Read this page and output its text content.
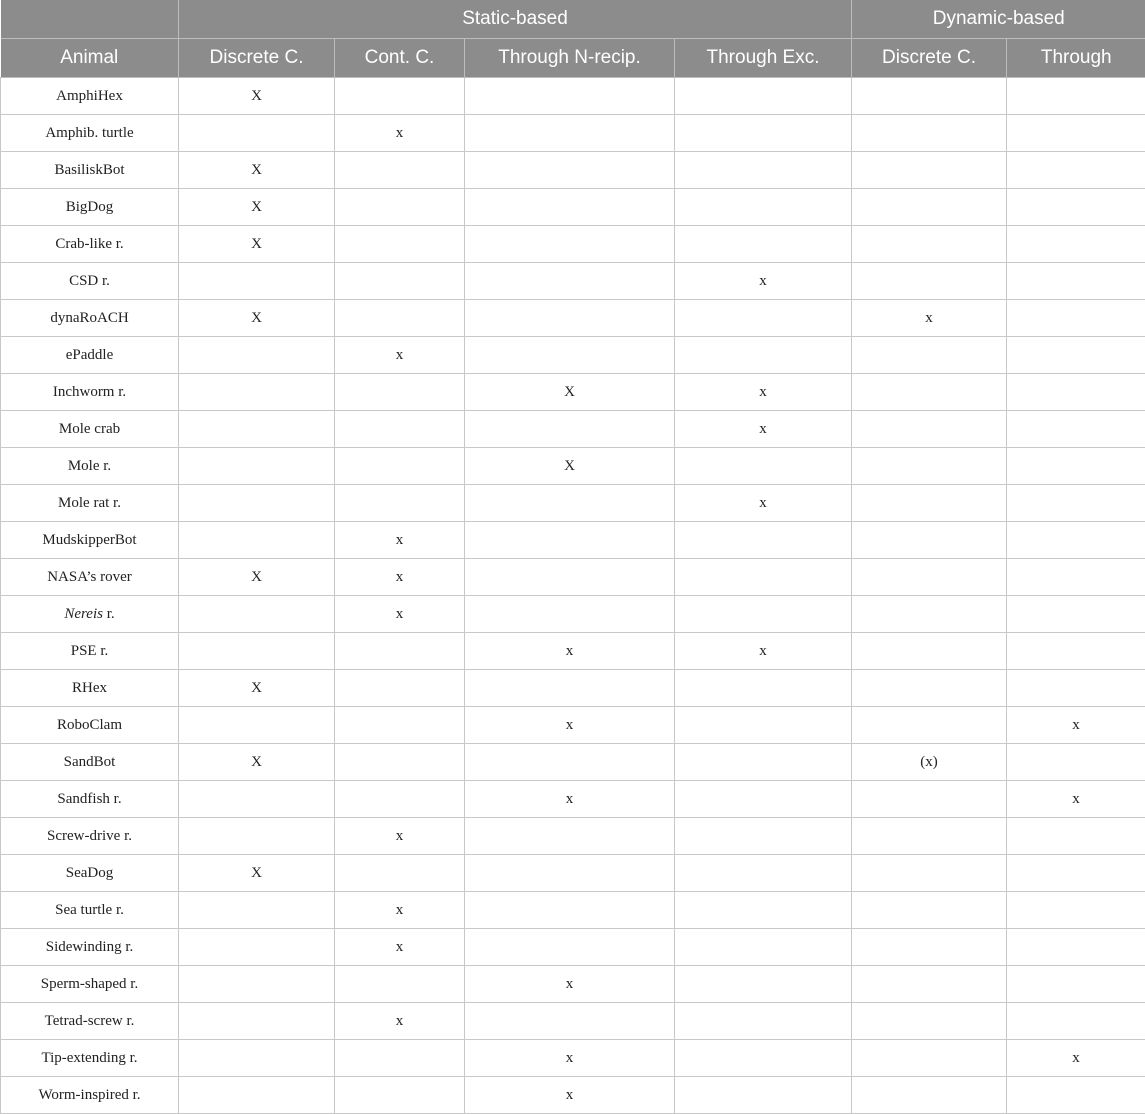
	Static-based				Dynamic-based	
Animal	Discrete C.	Cont. C.	Through N-recip.	Through Exc.	Discrete C.	Through
AmphiHex	X					
Amphib. turtle		x				
BasiliskBot	X					
BigDog	X					
Crab-like r.	X					
CSD r.				x		
dynaRoACH	X				x	
ePaddle		x				
Inchworm r.			X	x		
Mole crab				x		
Mole r.			X			
Mole rat r.				x		
MudskipperBot		x				
NASA’s rover	X	x				
Nereis r.		x				
PSE r.			x	x		
RHex	X					
RoboClam			x			x
SandBot	X				(x)	
Sandfish r.			x			x
Screw-drive r.		x				
SeaDog	X					
Sea turtle r.		x				
Sidewinding r.		x				
Sperm-shaped r.			x			
Tetrad-screw r.		x				
Tip-extending r.			x			x
Worm-inspired r.			x			
